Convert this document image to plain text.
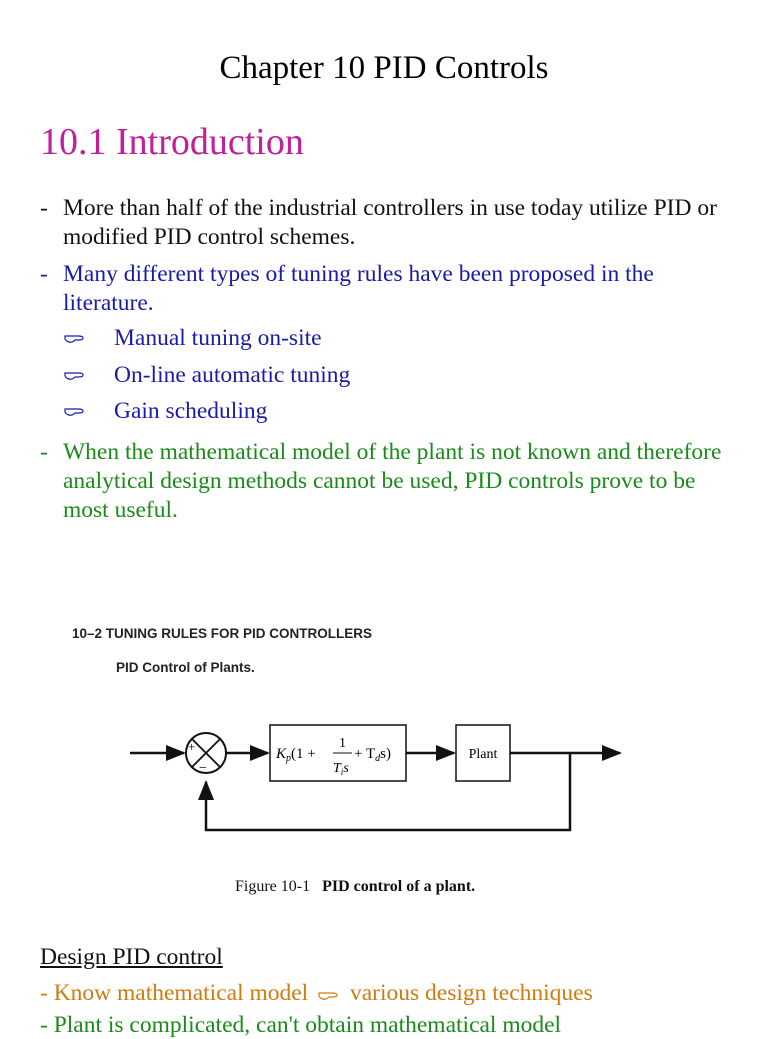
Chapter 10 PID Controls
10.1 Introduction
- More than half of the industrial controllers in use today utilize PID or modified PID control schemes.
- Many different types of tuning rules have been proposed in the literature.
Manual tuning on-site
On-line automatic tuning
Gain scheduling
- When the mathematical model of the plant is not known and therefore analytical design methods cannot be used, PID controls prove to be most useful.
10–2 TUNING RULES FOR PID CONTROLLERS
PID Control of Plants.
+
−
$K_p(1$ +
1
$T_is$
+ $T_ds$)	Plant
Figure 10-1 PID control of a plant.
Design PID control
- Know mathematical model various design techniques
- Plant is complicated, can't obtain mathematical model
